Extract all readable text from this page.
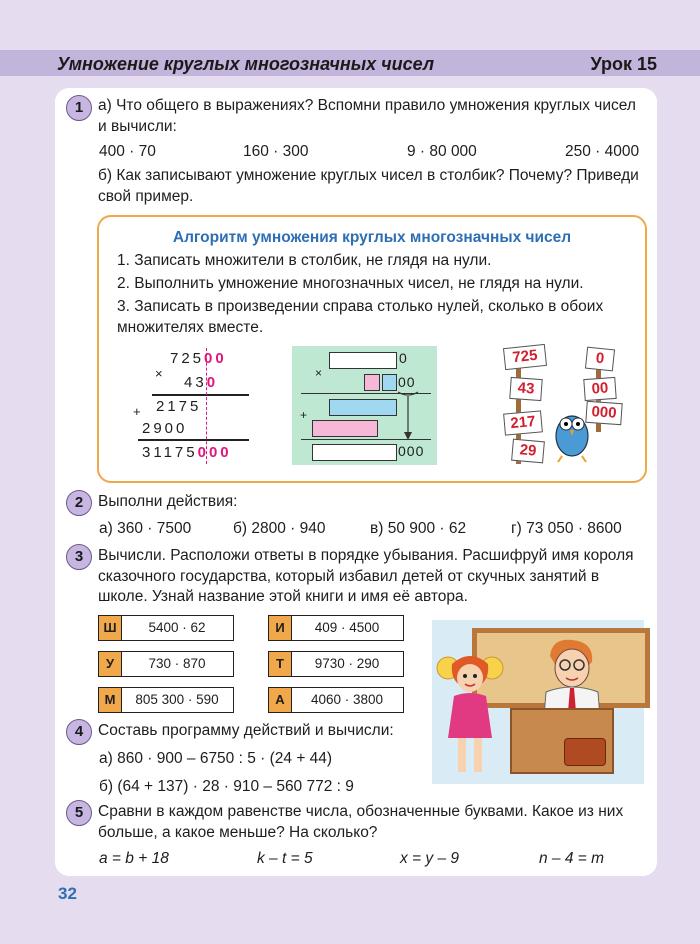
Умножение круглых многозначных чисел	Урок 15
1 а) Что общего в выражениях? Вспомни правило умножения круглых чисел и вычисли:
400 · 70	160 · 300	9 · 80 000	250 · 4000
б) Как записывают умножение круглых чисел в столбик? Почему? Приведи свой пример.
Алгоритм умножения круглых многозначных чисел
1. Записать множители в столбик, не глядя на нули.
2. Выполнить умножение многозначных чисел, не глядя на нули.
3. Записать в произведении справа столько нулей, сколько в обоих множителях вместе.
72500
×
430
2175
+
2900
31175000
0
×
00
+
000
725	0
43	00
217
000
29
2 Выполни действия:
а) 360 · 7500	б) 2800 · 940	в) 50 900 · 62	г) 73 050 · 8600
3 Вычисли. Расположи ответы в порядке убывания. Расшифруй имя короля сказочного государства, который избавил детей от скучных занятий в школе. Узнай название этой книги и имя её автора.
Ш	5400 · 62	И	409 · 4500
У	730 · 870	Т	9730 · 290
М	805 300 · 590	А	4060 · 3800
4 Составь программу действий и вычисли:
а) 860 · 900 – 6750 : 5 · (24 + 44)
б) (64 + 137) · 28 · 910 – 560 772 : 9
5 Сравни в каждом равенстве числа, обозначенные буквами. Какое из них больше, а какое меньше? На сколько?
a = b + 18	k – t = 5	x = y – 9	n – 4 = m
32
